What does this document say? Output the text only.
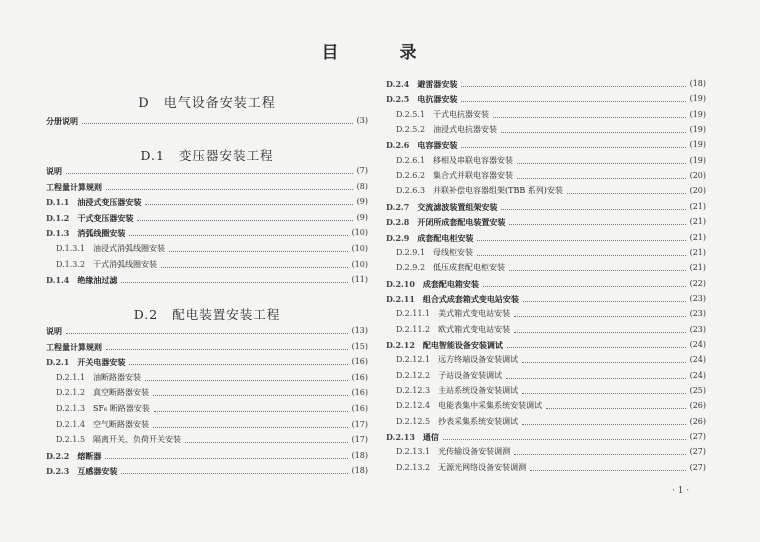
目　录
D 电气设备安装工程
分册说明	(3)
D.1 变压器安装工程
说明	(7)
工程量计算规则	(8)
D.1.1 油浸式变压器安装	(9)
D.1.2 干式变压器安装	(9)
D.1.3 消弧线圈安装	(10)
D.1.3.1 油浸式消弧线圈安装	(10)
D.1.3.2 干式消弧线圈安装	(10)
D.1.4 绝缘油过滤	(11)
D.2 配电装置安装工程
说明	(13)
工程量计算规则	(15)
D.2.1 开关电器安装	(16)
D.2.1.1 油断路器安装	(16)
D.2.1.2 真空断路器安装	(16)
D.2.1.3 SF₆ 断路器安装	(16)
D.2.1.4 空气断路器安装	(17)
D.2.1.5 隔离开关、负荷开关安装	(17)
D.2.2 熔断器	(18)
D.2.3 互感器安装	(18)
D.2.4 避雷器安装	(18)
D.2.5 电抗器安装	(19)
D.2.5.1 干式电抗器安装	(19)
D.2.5.2 油浸式电抗器安装	(19)
D.2.6 电容器安装	(19)
D.2.6.1 移相及串联电容器安装	(19)
D.2.6.2 集合式并联电容器安装	(20)
D.2.6.3 并联补偿电容器组架(TBB 系列)安装	(20)
D.2.7 交流滤波装置组架安装	(21)
D.2.8 开闭所成套配电装置安装	(21)
D.2.9 成套配电柜安装	(21)
D.2.9.1 母线柜安装	(21)
D.2.9.2 低压成套配电柜安装	(21)
D.2.10 成套配电箱安装	(22)
D.2.11 组合式成套箱式变电站安装	(23)
D.2.11.1 美式箱式变电站安装	(23)
D.2.11.2 欧式箱式变电站安装	(23)
D.2.12 配电智能设备安装调试	(24)
D.2.12.1 远方终端设备安装调试	(24)
D.2.12.2 子站设备安装调试	(24)
D.2.12.3 主站系统设备安装调试	(25)
D.2.12.4 电能表集中采集系统安装调试	(26)
D.2.12.5 抄表采集系统安装调试	(26)
D.2.13 通信	(27)
D.2.13.1 光传输设备安装调测	(27)
D.2.13.2 无源光网络设备安装调测	(27)
· 1 ·
